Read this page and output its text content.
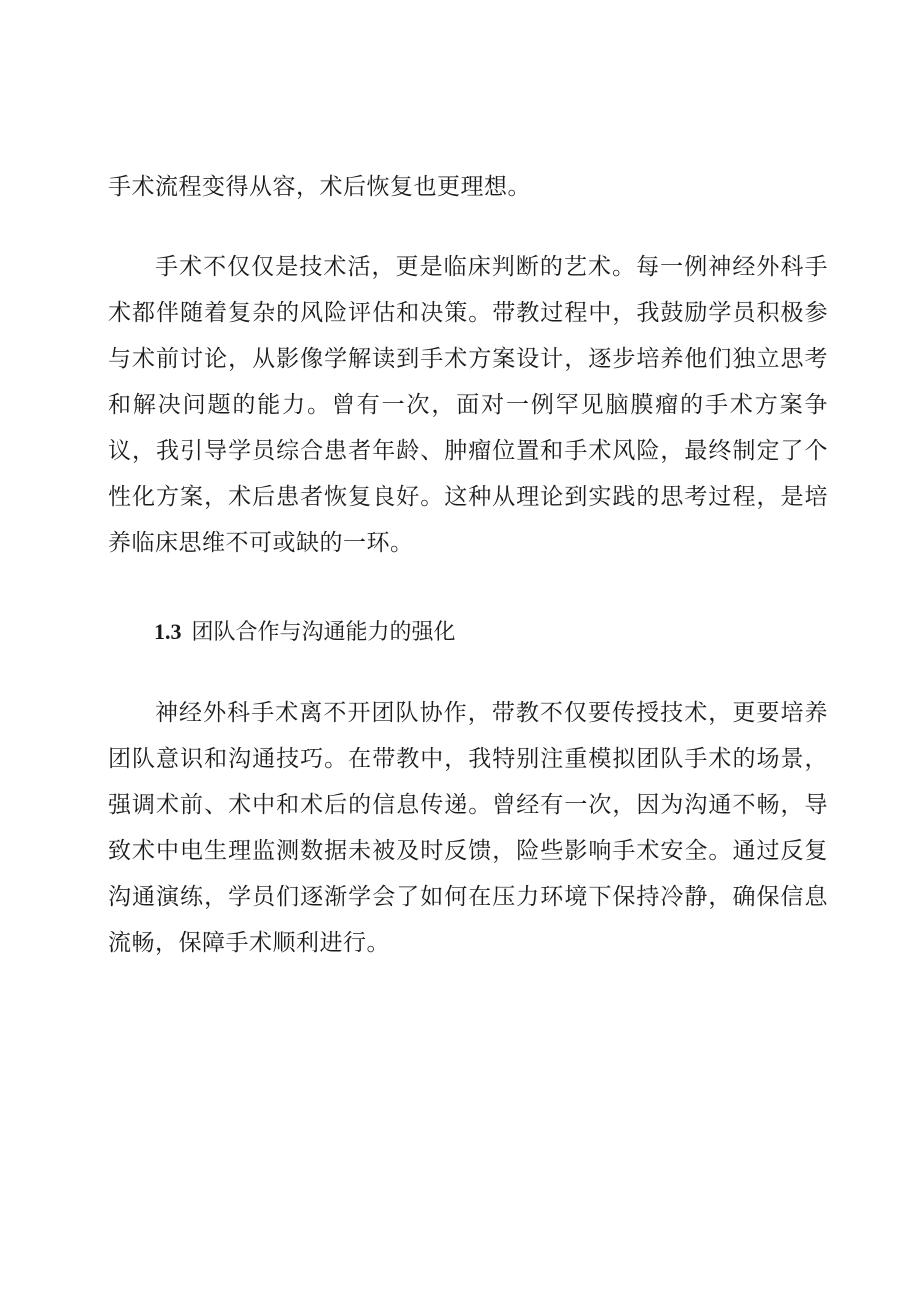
手术流程变得从容，术后恢复也更理想。

手术不仅仅是技术活，更是临床判断的艺术。每一例神经外科手术都伴随着复杂的风险评估和决策。带教过程中，我鼓励学员积极参与术前讨论，从影像学解读到手术方案设计，逐步培养他们独立思考和解决问题的能力。曾有一次，面对一例罕见脑膜瘤的手术方案争议，我引导学员综合患者年龄、肿瘤位置和手术风险，最终制定了个性化方案，术后患者恢复良好。这种从理论到实践的思考过程，是培养临床思维不可或缺的一环。

1.3 团队合作与沟通能力的强化

神经外科手术离不开团队协作，带教不仅要传授技术，更要培养团队意识和沟通技巧。在带教中，我特别注重模拟团队手术的场景，强调术前、术中和术后的信息传递。曾经有一次，因为沟通不畅，导致术中电生理监测数据未被及时反馈，险些影响手术安全。通过反复沟通演练，学员们逐渐学会了如何在压力环境下保持冷静，确保信息流畅，保障手术顺利进行。
